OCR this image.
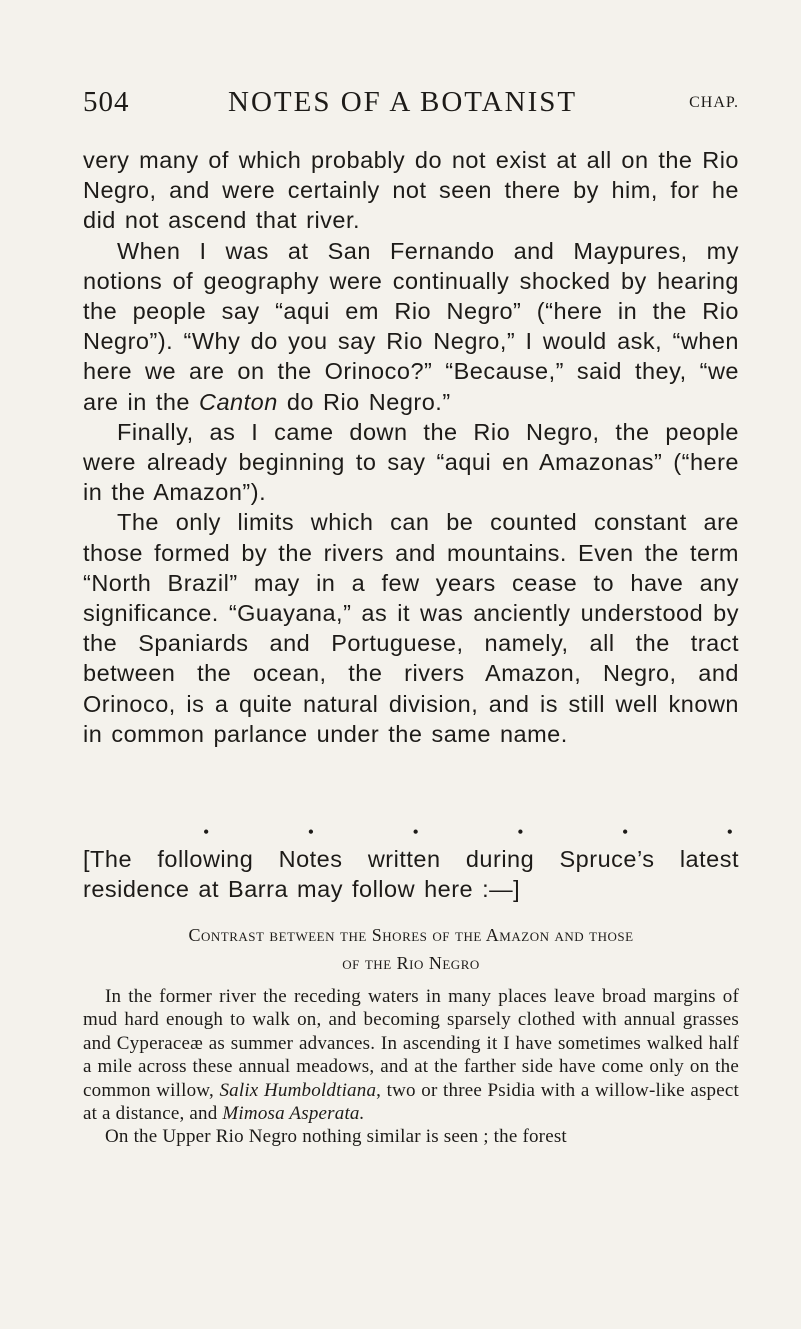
504	NOTES OF A BOTANIST	CHAP.

very many of which probably do not exist at all on the Rio Negro, and were certainly not seen there by him, for he did not ascend that river.

When I was at San Fernando and Maypures, my notions of geography were continually shocked by hearing the people say “aqui em Rio Negro” (“here in the Rio Negro”). “Why do you say Rio Negro,” I would ask, “when here we are on the Orinoco?” “Because,” said they, “we are in the Canton do Rio Negro.”

Finally, as I came down the Rio Negro, the people were already beginning to say “aqui en Amazonas” (“here in the Amazon”).

The only limits which can be counted constant are those formed by the rivers and mountains. Even the term “North Brazil” may in a few years cease to have any significance. “Guayana,” as it was anciently understood by the Spaniards and Portuguese, namely, all the tract between the ocean, the rivers Amazon, Negro, and Orinoco, is a quite natural division, and is still well known in common parlance under the same name.

•	•	•	•	•	•
[The following Notes written during Spruce’s latest residence at Barra may follow here :—]
Contrast between the Shores of the Amazon and those
of the Rio Negro

In the former river the receding waters in many places leave broad margins of mud hard enough to walk on, and becoming sparsely clothed with annual grasses and Cyperaceæ as summer advances. In ascending it I have sometimes walked half a mile across these annual meadows, and at the farther side have come only on the common willow, Salix Humboldtiana, two or three Psidia with a willow-like aspect at a distance, and Mimosa Asperata.

On the Upper Rio Negro nothing similar is seen ; the forest
